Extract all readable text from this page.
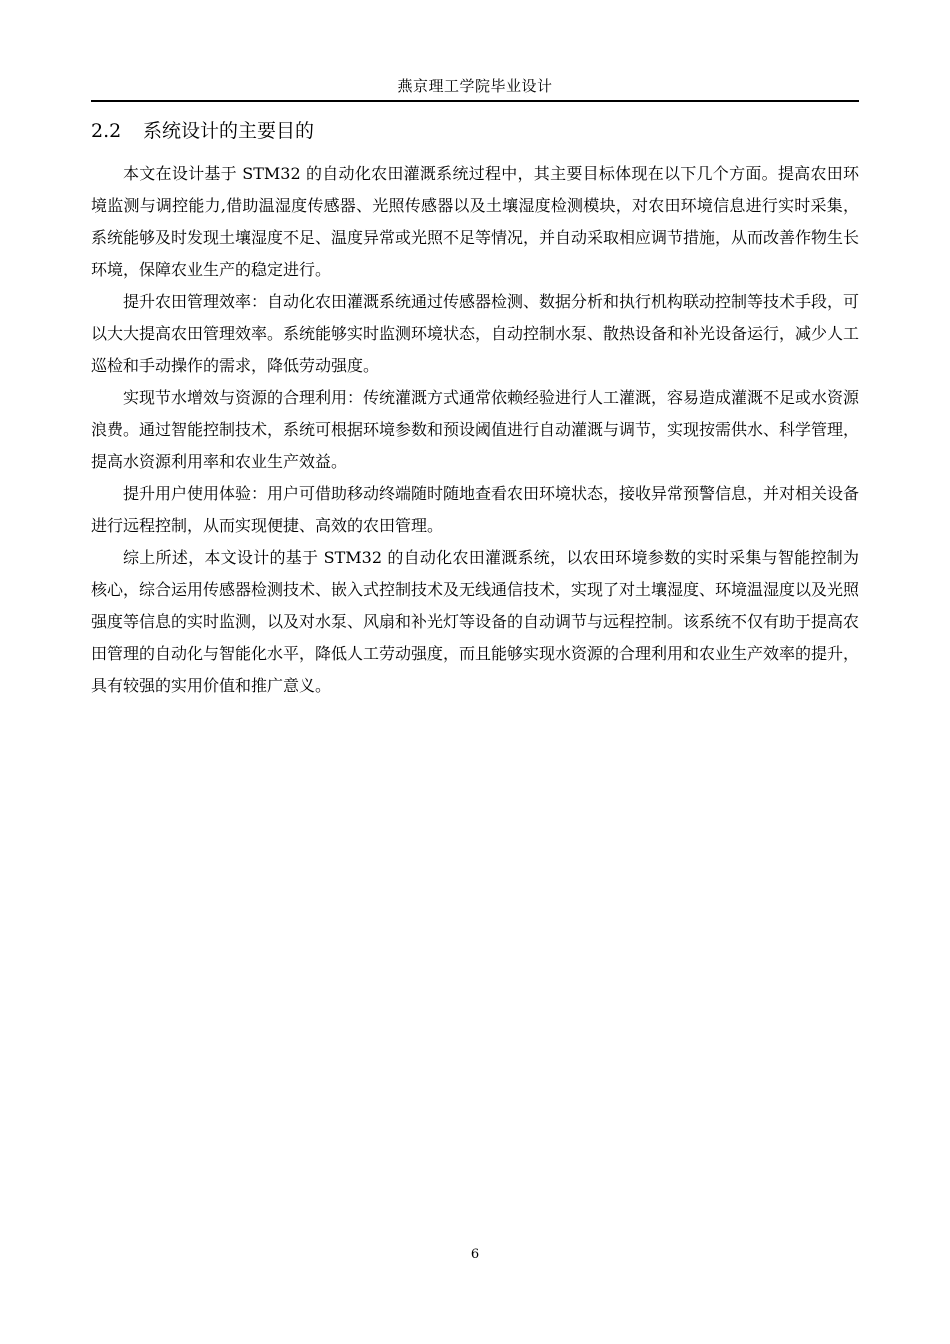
燕京理工学院毕业设计
2.2 系统设计的主要目的

本文在设计基于 STM32 的自动化农田灌溉系统过程中，其主要目标体现在以下几个方面。提高农田环境监测与调控能力,借助温湿度传感器、光照传感器以及土壤湿度检测模块，对农田环境信息进行实时采集，系统能够及时发现土壤湿度不足、温度异常或光照不足等情况，并自动采取相应调节措施，从而改善作物生长环境，保障农业生产的稳定进行。

提升农田管理效率：自动化农田灌溉系统通过传感器检测、数据分析和执行机构联动控制等技术手段，可以大大提高农田管理效率。系统能够实时监测环境状态，自动控制水泵、散热设备和补光设备运行，减少人工巡检和手动操作的需求，降低劳动强度。

实现节水增效与资源的合理利用：传统灌溉方式通常依赖经验进行人工灌溉，容易造成灌溉不足或水资源浪费。通过智能控制技术，系统可根据环境参数和预设阈值进行自动灌溉与调节，实现按需供水、科学管理，提高水资源利用率和农业生产效益。

提升用户使用体验：用户可借助移动终端随时随地查看农田环境状态，接收异常预警信息，并对相关设备进行远程控制，从而实现便捷、高效的农田管理。

综上所述，本文设计的基于 STM32 的自动化农田灌溉系统，以农田环境参数的实时采集与智能控制为核心，综合运用传感器检测技术、嵌入式控制技术及无线通信技术，实现了对土壤湿度、环境温湿度以及光照强度等信息的实时监测，以及对水泵、风扇和补光灯等设备的自动调节与远程控制。该系统不仅有助于提高农田管理的自动化与智能化水平，降低人工劳动强度，而且能够实现水资源的合理利用和农业生产效率的提升，具有较强的实用价值和推广意义。

6
